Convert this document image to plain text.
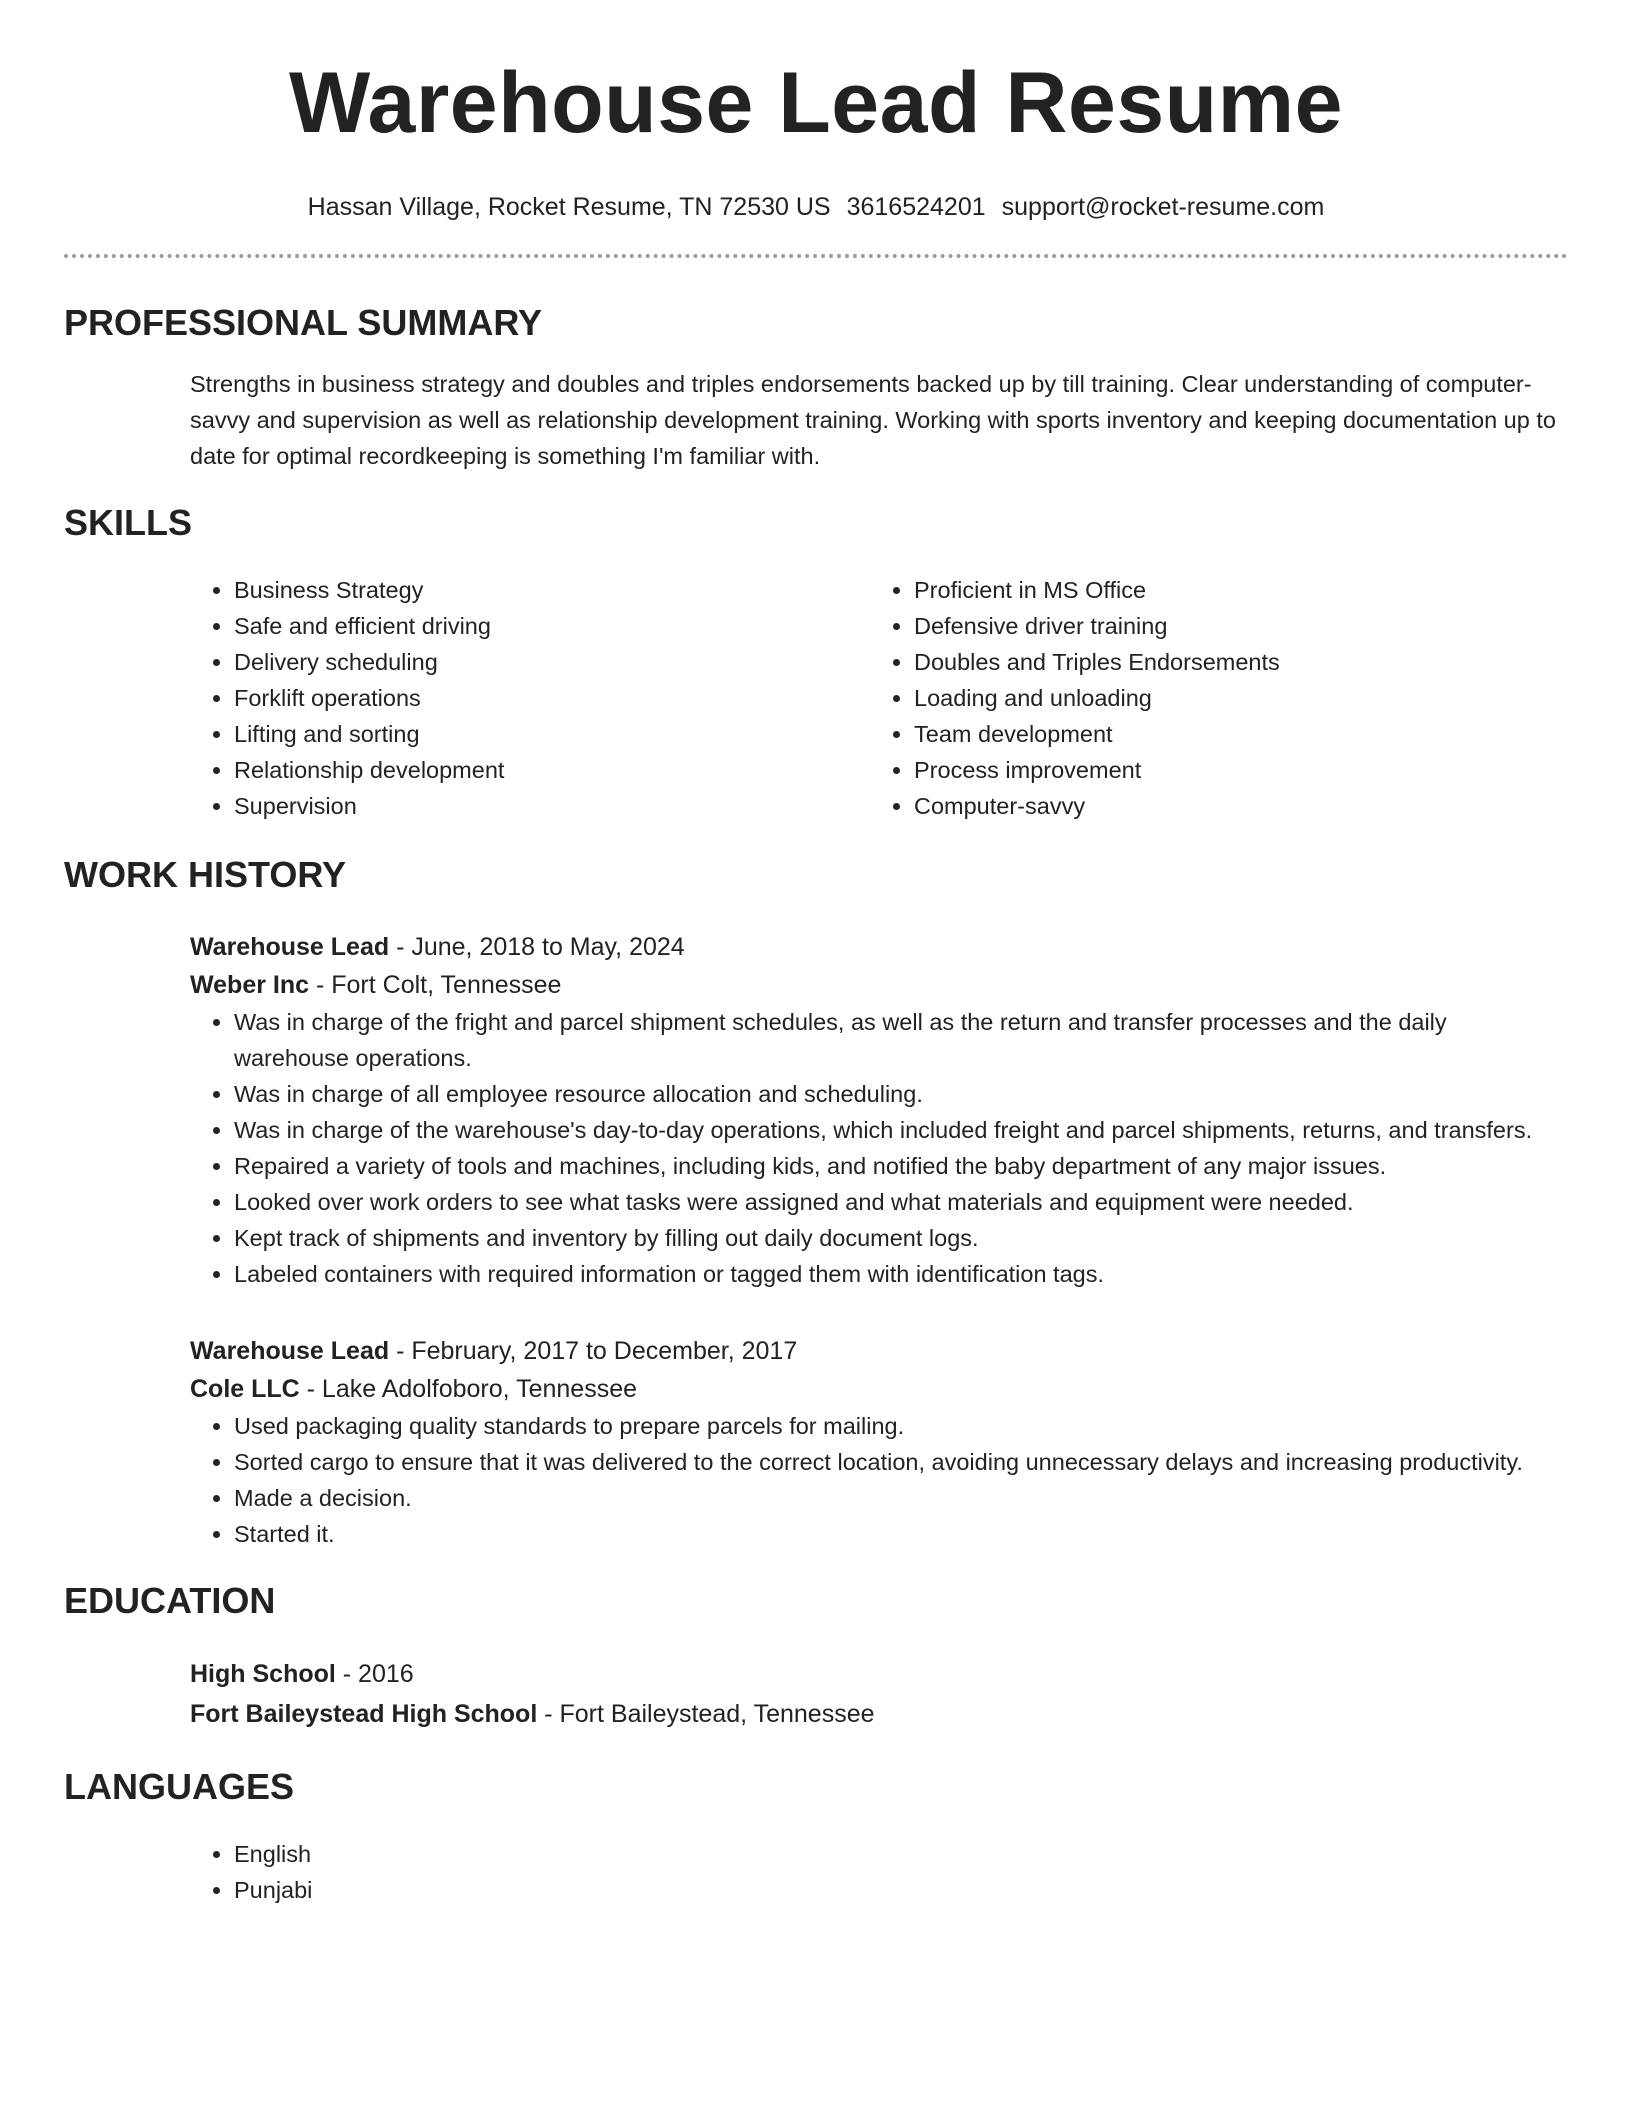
Warehouse Lead Resume
Hassan Village, Rocket Resume, TN 72530 US 3616524201 support@rocket-resume.com
PROFESSIONAL SUMMARY

Strengths in business strategy and doubles and triples endorsements backed up by till training. Clear understanding of computer-savvy and supervision as well as relationship development training. Working with sports inventory and keeping documentation up to date for optimal recordkeeping is something I'm familiar with.

SKILLS
• Business Strategy
• Safe and efficient driving
• Delivery scheduling
• Forklift operations
• Lifting and sorting
• Relationship development
• Supervision
• Proficient in MS Office
• Defensive driver training
• Doubles and Triples Endorsements
• Loading and unloading
• Team development
• Process improvement
• Computer-savvy
WORK HISTORY
Warehouse Lead - June, 2018 to May, 2024
Weber Inc - Fort Colt, Tennessee
• Was in charge of the fright and parcel shipment schedules, as well as the return and transfer processes and the daily warehouse operations.
• Was in charge of all employee resource allocation and scheduling.
• Was in charge of the warehouse's day-to-day operations, which included freight and parcel shipments, returns, and transfers.
• Repaired a variety of tools and machines, including kids, and notified the baby department of any major issues.
• Looked over work orders to see what tasks were assigned and what materials and equipment were needed.
• Kept track of shipments and inventory by filling out daily document logs.
• Labeled containers with required information or tagged them with identification tags.
Warehouse Lead - February, 2017 to December, 2017
Cole LLC - Lake Adolfoboro, Tennessee
• Used packaging quality standards to prepare parcels for mailing.
• Sorted cargo to ensure that it was delivered to the correct location, avoiding unnecessary delays and increasing productivity.
• Made a decision.
• Started it.
EDUCATION
High School - 2016
Fort Baileystead High School - Fort Baileystead, Tennessee
LANGUAGES
• English
• Punjabi
